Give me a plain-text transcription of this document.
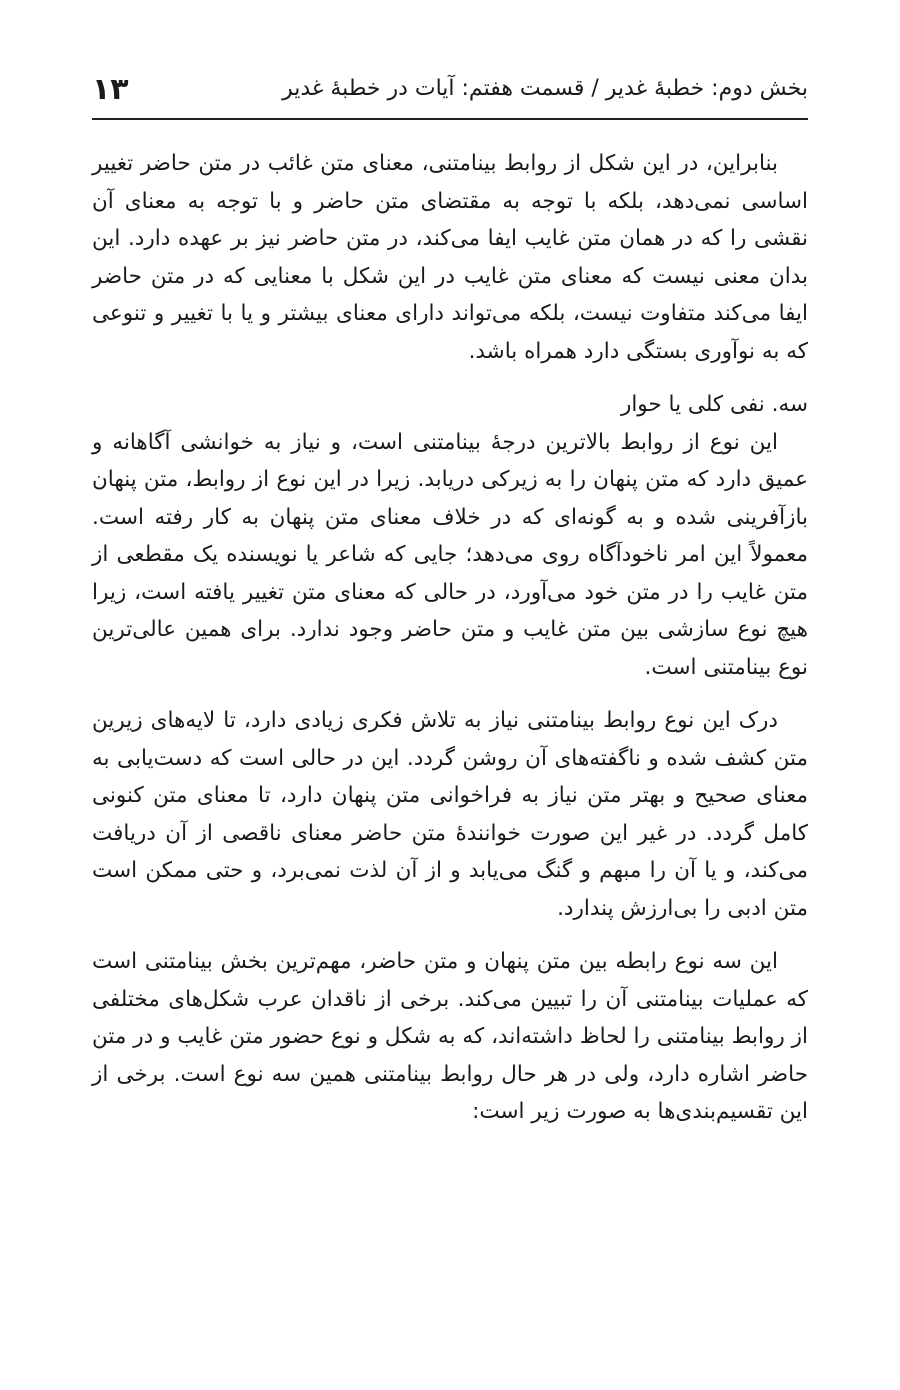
بخش دوم: خطبهٔ غدیر / قسمت هفتم: آیات در خطبهٔ غدیر
۱۳

بنابراین، در این شکل از روابط بینامتنی، معنای متن غائب در متن حاضر تغییر اساسی نمی‌دهد، بلکه با توجه به مقتضای متن حاضر و با توجه به معنای آن نقشی را که در همان متن غایب ایفا می‌کند، در متن حاضر نیز بر عهده دارد. این بدان معنی نیست که معنای متن غایب در این شکل با معنایی که در متن حاضر ایفا می‌کند متفاوت نیست، بلکه می‌تواند دارای معنای بیشتر و یا با تغییر و تنوعی که به نوآوری بستگی دارد همراه باشد.

سه. نفی کلی یا حوار

این نوع از روابط بالاترین درجهٔ بینامتنی است، و نیاز به خوانشی آگاهانه و عمیق دارد که متن پنهان را به زیرکی دریابد. زیرا در این نوع از روابط، متن پنهان بازآفرینی شده و به گونه‌ای که در خلاف معنای متن پنهان به کار رفته است. معمولاً این امر ناخودآگاه روی می‌دهد؛ جایی که شاعر یا نویسنده یک مقطعی از متن غایب را در متن خود می‌آورد، در حالی که معنای متن تغییر یافته است، زیرا هیچ نوع سازشی بین متن غایب و متن حاضر وجود ندارد. برای همین عالی‌ترین نوع بینامتنی است.

درک این نوع روابط بینامتنی نیاز به تلاش فکری زیادی دارد، تا لایه‌های زیرین متن کشف شده و ناگفته‌های آن روشن گردد. این در حالی است که دست‌یابی به معنای صحیح و بهتر متن نیاز به فراخوانی متن پنهان دارد، تا معنای متن کنونی کامل گردد. در غیر این صورت خوانندهٔ متن حاضر معنای ناقصی از آن دریافت می‌کند، و یا آن را مبهم و گنگ می‌یابد و از آن لذت نمی‌برد، و حتی ممکن است متن ادبی را بی‌ارزش پندارد.

این سه نوع رابطه بین متن پنهان و متن حاضر، مهم‌ترین بخش بینامتنی است که عملیات بینامتنی آن را تبیین می‌کند. برخی از ناقدان عرب شکل‌های مختلفی از روابط بینامتنی را لحاظ داشته‌اند، که به شکل و نوع حضور متن غایب و در متن حاضر اشاره دارد، ولی در هر حال روابط بینامتنی همین سه نوع است. برخی از این تقسیم‌بندی‌ها به صورت زیر است:
